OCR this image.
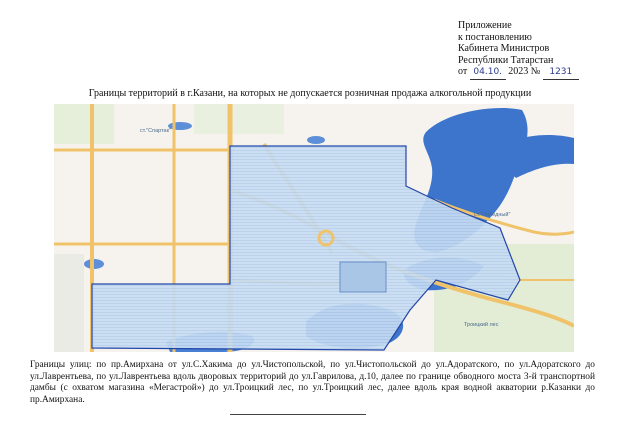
Приложение
к постановлению
Кабинета Министров
Республики Татарстан
от 04.10. 2023 № 1231
Границы территорий в г.Казани, на которых не допускается розничная продажа алкогольной продукции
ст."Спартак"
ст."Победный"
Троицкий лес
Границы улиц: по пр.Амирхана от ул.С.Хакима до ул.Чистопольской, по ул.Чистопольской до ул.Адоратского, по ул.Адоратского до ул.Лаврентьева, по ул.Лаврентьева вдоль дворовых территорий до ул.Гаврилова, д.10, далее по границе обводного моста 3-й транспортной дамбы (с охватом магазина «Мегастрой») до ул.Троицкий лес, по ул.Троицкий лес, далее вдоль края водной акватории р.Казанки до пр.Амирхана.
